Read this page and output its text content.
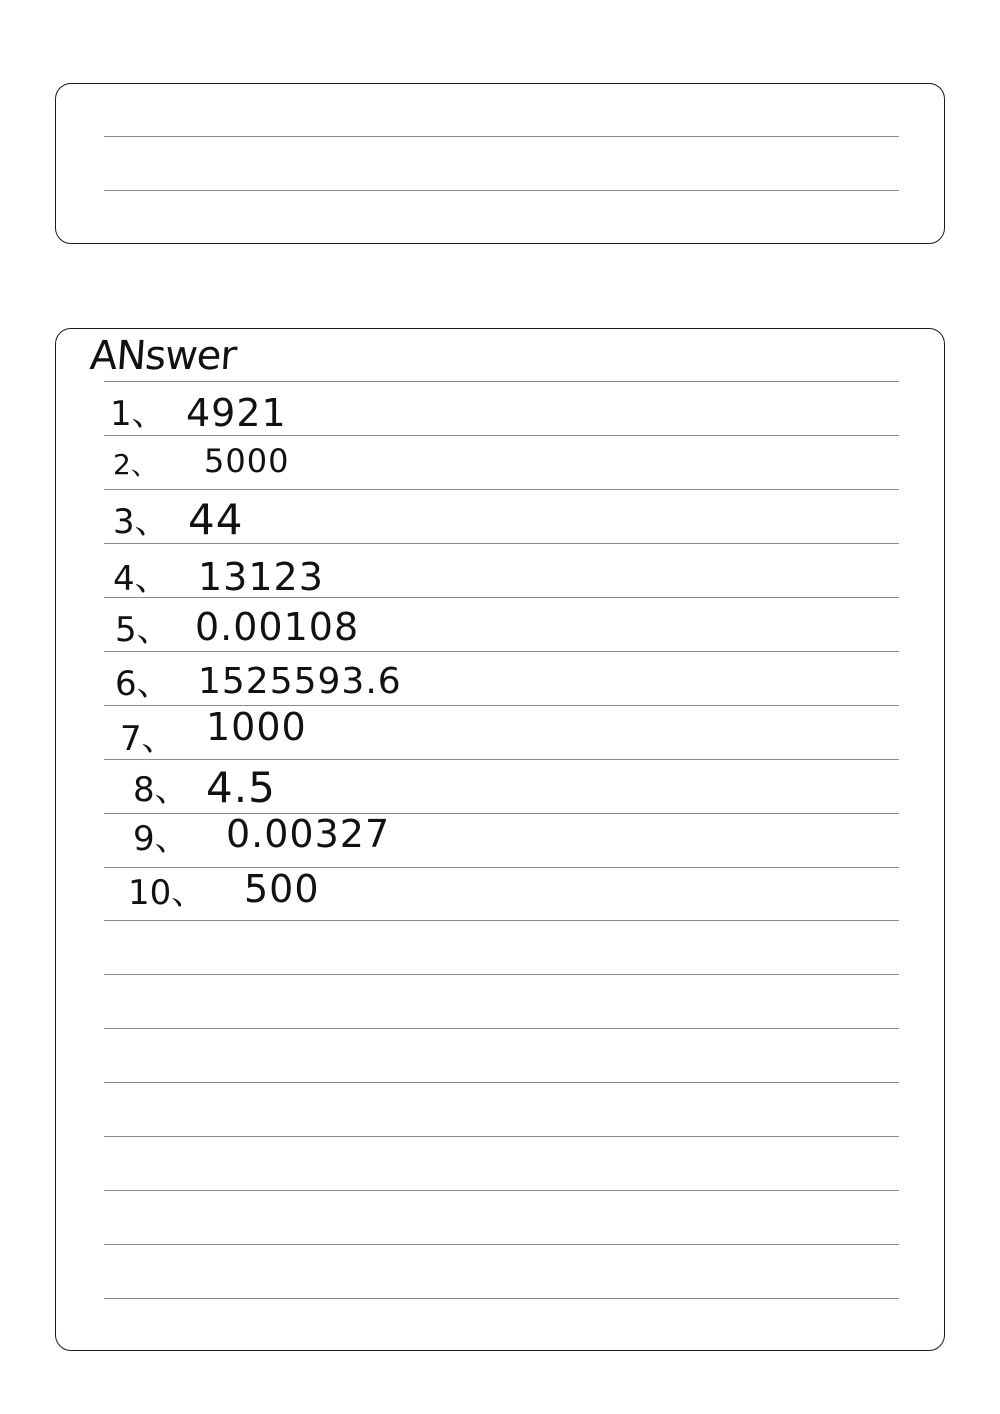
ANswer
1、 4921
2、 5000
3、 44
4、 13123
5、 0.00108
6、 1525593.6
7、 1000
8、 4.5
9、 0.00327
10、 500
